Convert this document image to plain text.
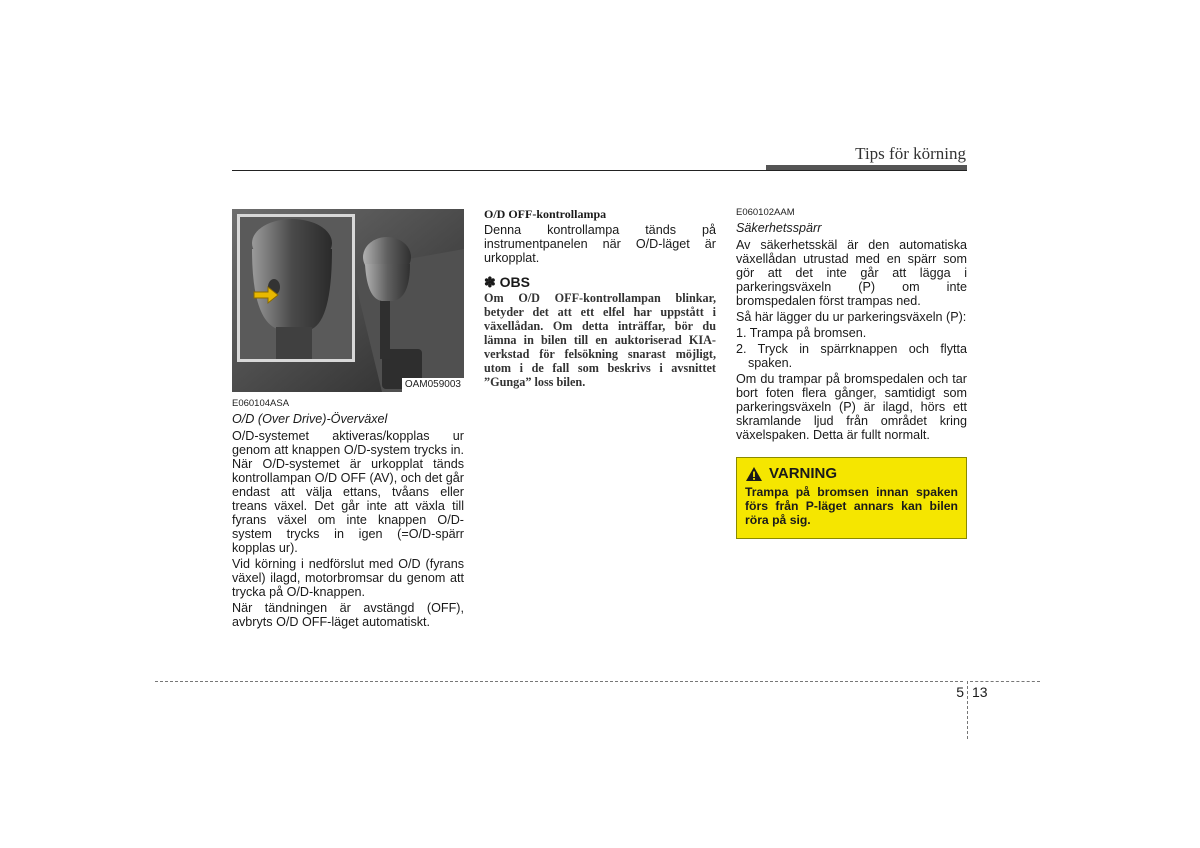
Tips för körning
OAM059003
E060104ASA
O/D (Over Drive)-Överväxel

O/D-systemet aktiveras/kopplas ur genom att knappen O/D-system trycks in. När O/D-systemet är urkopplat tänds kontrollampan O/D OFF (AV), och det går endast att välja ettans, tvåans eller treans växel. Det går inte att växla till fyrans växel om inte knappen O/D-system trycks in igen (=O/D-spärr kopplas ur).

Vid körning i nedförslut med O/D (fyrans växel) ilagd, motorbromsar du genom att trycka på O/D-knappen.

När tändningen är avstängd (OFF), avbryts O/D OFF-läget automatiskt.

O/D OFF-kontrollampa

Denna kontrollampa tänds på instrumentpanelen när O/D-läget är urkopplat.

✽ OBS
Om O/D OFF-kontrollampan blinkar, betyder det att ett elfel har uppstått i växellådan. Om detta inträffar, bör du lämna in bilen till en auktoriserad KIA-verkstad för felsökning snarast möjligt, utom i de fall som beskrivs i avsnittet ”Gunga” loss bilen.
E060102AAM
Säkerhetsspärr

Av säkerhetsskäl är den automatiska växellådan utrustad med en spärr som gör att det inte går att lägga i parkeringsväxeln (P) om inte bromspedalen först trampas ned.

Så här lägger du ur parkeringsväxeln (P):

1. Trampa på bromsen.

2. Tryck in spärrknappen och flytta spaken.

Om du trampar på bromspedalen och tar bort foten flera gånger, samtidigt som parkeringsväxeln (P) är ilagd, hörs ett skramlande ljud från området kring växelspaken. Detta är fullt normalt.

VARNING
Trampa på bromsen innan spaken förs från P-läget annars kan bilen röra på sig.
5 13
